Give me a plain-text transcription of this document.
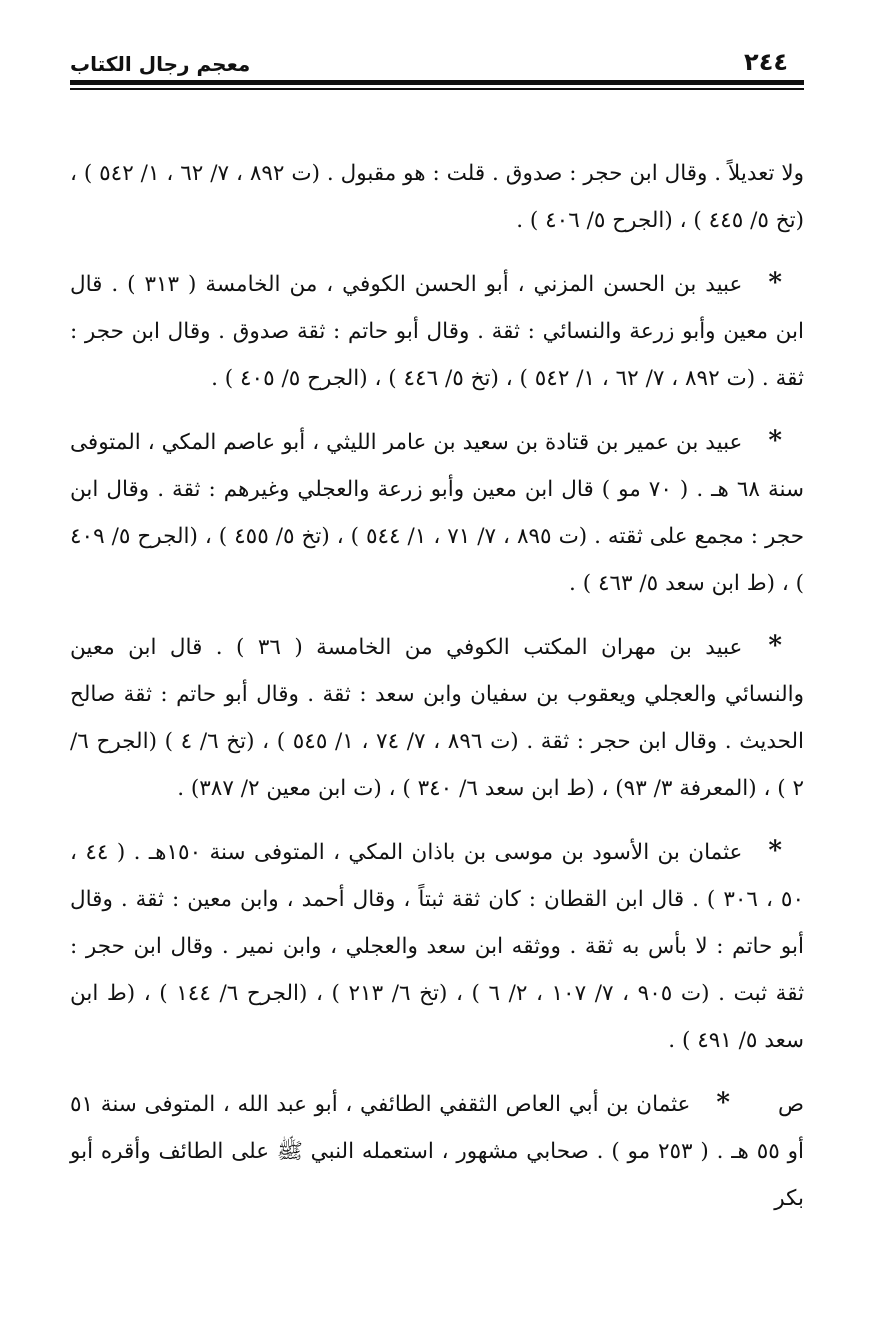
٢٤٤
معجم رجال الكتاب

ولا تعديلاً . وقال ابن حجر : صدوق . قلت : هو مقبول . (ت ٨٩٢ ، ٧/ ٦٢ ، ١/ ٥٤٢ ) ، (تخ ٥/ ٤٤٥ ) ، (الجرح ٥/ ٤٠٦ ) .

*عبيد بن الحسن المزني ، أبو الحسن الكوفي ، من الخامسة ( ٣١٣ ) . قال ابن معين وأبو زرعة والنسائي : ثقة . وقال أبو حاتم : ثقة صدوق . وقال ابن حجر : ثقة . (ت ٨٩٢ ، ٧/ ٦٢ ، ١/ ٥٤٢ ) ، (تخ ٥/ ٤٤٦ ) ، (الجرح ٥/ ٤٠٥ ) .

*عبيد بن عمير بن قتادة بن سعيد بن عامر الليثي ، أبو عاصم المكي ، المتوفى سنة ٦٨ هـ . ( ٧٠ مو ) قال ابن معين وأبو زرعة والعجلي وغيرهم : ثقة . وقال ابن حجر : مجمع على ثقته . (ت ٨٩٥ ، ٧/ ٧١ ، ١/ ٥٤٤ ) ، (تخ ٥/ ٤٥٥ ) ، (الجرح ٥/ ٤٠٩ ) ، (ط ابن سعد ٥/ ٤٦٣ ) .

*عبيد بن مهران المكتب الكوفي من الخامسة ( ٣٦ ) . قال ابن معين والنسائي والعجلي ويعقوب بن سفيان وابن سعد : ثقة . وقال أبو حاتم : ثقة صالح الحديث . وقال ابن حجر : ثقة . (ت ٨٩٦ ، ٧/ ٧٤ ، ١/ ٥٤٥ ) ، (تخ ٦/ ٤ ) (الجرح ٦/ ٢ ) ، (المعرفة ٣/ ٩٣) ، (ط ابن سعد ٦/ ٣٤٠ ) ، (ت ابن معين ٢/ ٣٨٧) .

*عثمان بن الأسود بن موسى بن باذان المكي ، المتوفى سنة ١٥٠هـ . ( ٤٤ ، ٥٠ ، ٣٠٦ ) . قال ابن القطان : كان ثقة ثبتاً ، وقال أحمد ، وابن معين : ثقة . وقال أبو حاتم : لا بأس به ثقة . ووثقه ابن سعد والعجلي ، وابن نمير . وقال ابن حجر : ثقة ثبت . (ت ٩٠٥ ، ٧/ ١٠٧ ، ٢/ ٦ ) ، (تخ ٦/ ٢١٣ ) ، (الجرح ٦/ ١٤٤ ) ، (ط ابن سعد ٥/ ٤٩١ ) .

ص*عثمان بن أبي العاص الثقفي الطائفي ، أبو عبد الله ، المتوفى سنة ٥١ أو ٥٥ هـ . ( ٢٥٣ مو ) . صحابي مشهور ، استعمله النبي ﷺ على الطائف وأقره أبو بكر
